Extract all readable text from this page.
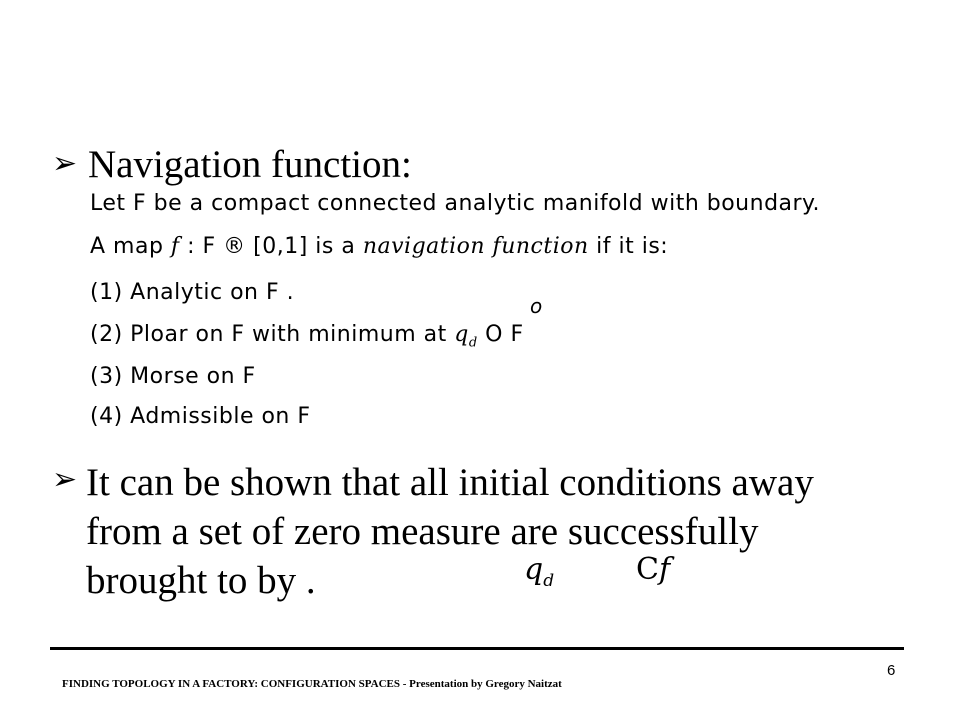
➢ Navigation function:
Let F be a compact connected analytic manifold with boundary.
A map f : F ® [0,1] is a navigation function if it is:
(1) Analytic on F .
(2) Ploar on F with minimum at $q_d$ Ο F
o
(3) Morse on F
(4) Admissible on F
➢ It can be shown that all initial conditions away
from a set of zero measure are successfully
brought to by .	$q_d$	Cf
FINDING TOPOLOGY IN A FACTORY: CONFIGURATION SPACES - Presentation by Gregory Naitzat
6
